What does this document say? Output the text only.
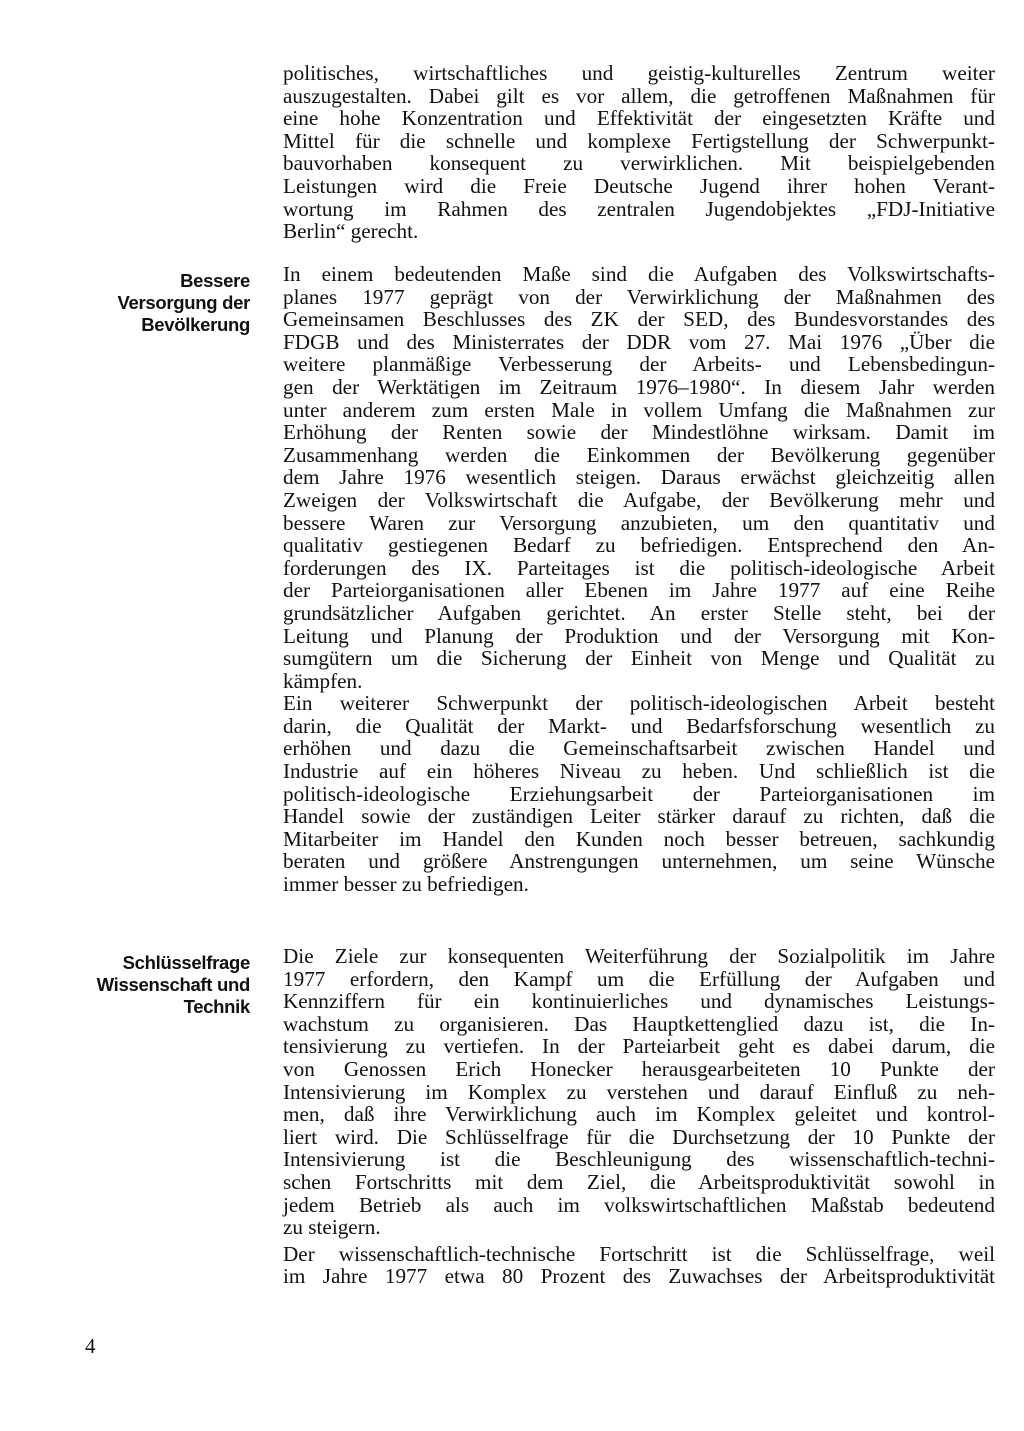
politisches, wirtschaftliches und geistig-kulturelles Zentrum weiter
auszugestalten. Dabei gilt es vor allem, die getroffenen Maßnahmen für
eine hohe Konzentration und Effektivität der eingesetzten Kräfte und
Mittel für die schnelle und komplexe Fertigstellung der Schwerpunkt-
bauvorhaben konsequent zu verwirklichen. Mit beispielgebenden
Leistungen wird die Freie Deutsche Jugend ihrer hohen Verant-
wortung im Rahmen des zentralen Jugendobjektes „FDJ-Initiative
Berlin“ gerecht.

Bessere
Versorgung der
Bevölkerung

In einem bedeutenden Maße sind die Aufgaben des Volkswirtschafts-
planes 1977 geprägt von der Verwirklichung der Maßnahmen des
Gemeinsamen Beschlusses des ZK der SED, des Bundesvorstandes des
FDGB und des Ministerrates der DDR vom 27. Mai 1976 „Über die
weitere planmäßige Verbesserung der Arbeits- und Lebensbedingun-
gen der Werktätigen im Zeitraum 1976–1980“. In diesem Jahr werden
unter anderem zum ersten Male in vollem Umfang die Maßnahmen zur
Erhöhung der Renten sowie der Mindestlöhne wirksam. Damit im
Zusammenhang werden die Einkommen der Bevölkerung gegenüber
dem Jahre 1976 wesentlich steigen. Daraus erwächst gleichzeitig allen
Zweigen der Volkswirtschaft die Aufgabe, der Bevölkerung mehr und
bessere Waren zur Versorgung anzubieten, um den quantitativ und
qualitativ gestiegenen Bedarf zu befriedigen. Entsprechend den An-
forderungen des IX. Parteitages ist die politisch-ideologische Arbeit
der Parteiorganisationen aller Ebenen im Jahre 1977 auf eine Reihe
grundsätzlicher Aufgaben gerichtet. An erster Stelle steht, bei der
Leitung und Planung der Produktion und der Versorgung mit Kon-
sumgütern um die Sicherung der Einheit von Menge und Qualität zu
kämpfen.

Ein weiterer Schwerpunkt der politisch-ideologischen Arbeit besteht
darin, die Qualität der Markt- und Bedarfsforschung wesentlich zu
erhöhen und dazu die Gemeinschaftsarbeit zwischen Handel und
Industrie auf ein höheres Niveau zu heben. Und schließlich ist die
politisch-ideologische Erziehungsarbeit der Parteiorganisationen im
Handel sowie der zuständigen Leiter stärker darauf zu richten, daß die
Mitarbeiter im Handel den Kunden noch besser betreuen, sachkundig
beraten und größere Anstrengungen unternehmen, um seine Wünsche
immer besser zu befriedigen.

Schlüsselfrage
Wissenschaft und
Technik

Die Ziele zur konsequenten Weiterführung der Sozialpolitik im Jahre
1977 erfordern, den Kampf um die Erfüllung der Aufgaben und
Kennziffern für ein kontinuierliches und dynamisches Leistungs-
wachstum zu organisieren. Das Hauptkettenglied dazu ist, die In-
tensivierung zu vertiefen. In der Parteiarbeit geht es dabei darum, die
von Genossen Erich Honecker herausgearbeiteten 10 Punkte der
Intensivierung im Komplex zu verstehen und darauf Einfluß zu neh-
men, daß ihre Verwirklichung auch im Komplex geleitet und kontrol-
liert wird. Die Schlüsselfrage für die Durchsetzung der 10 Punkte der
Intensivierung ist die Beschleunigung des wissenschaftlich-techni-
schen Fortschritts mit dem Ziel, die Arbeitsproduktivität sowohl in
jedem Betrieb als auch im volkswirtschaftlichen Maßstab bedeutend
zu steigern.

Der wissenschaftlich-technische Fortschritt ist die Schlüsselfrage, weil
im Jahre 1977 etwa 80 Prozent des Zuwachses der Arbeitsproduktivität

4
